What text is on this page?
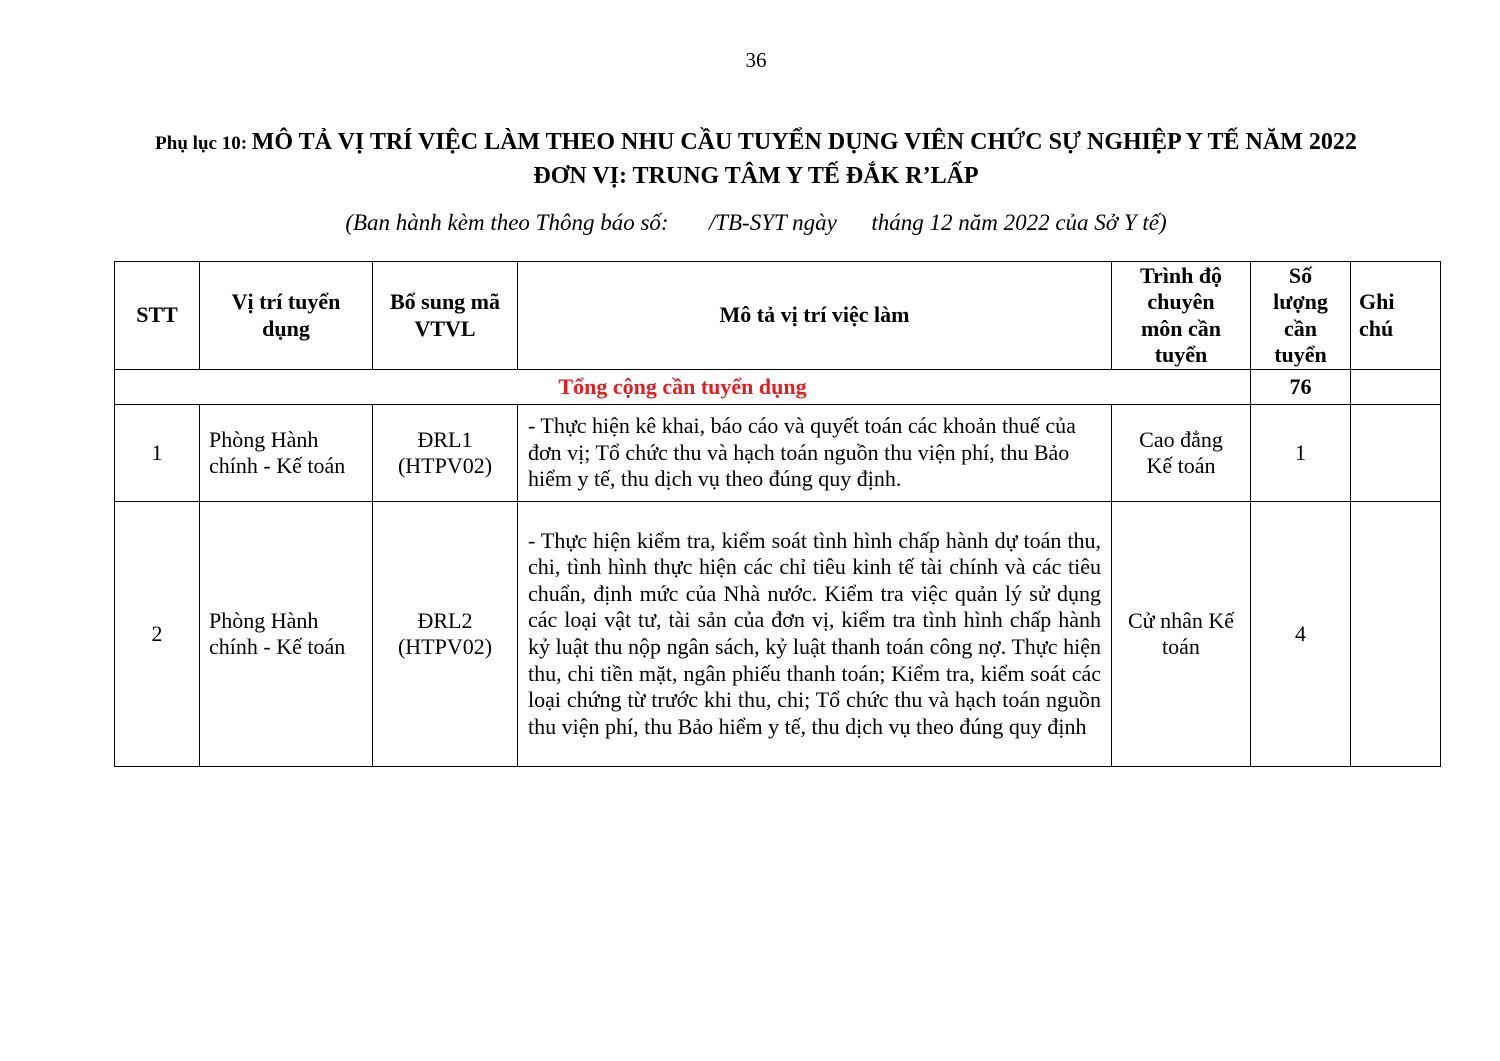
36
Phụ lục 10: MÔ TẢ VỊ TRÍ VIỆC LÀM THEO NHU CẦU TUYỂN DỤNG VIÊN CHỨC SỰ NGHIỆP Y TẾ NĂM 2022
ĐƠN VỊ: TRUNG TÂM Y TẾ ĐẮK R’LẤP
(Ban hành kèm theo Thông báo số:       /TB-SYT ngày      tháng 12 năm 2022 của Sở Y tế)
STT	Vị trí tuyển dụng	Bổ sung mã VTVL	Mô tả vị trí việc làm	Trình độ chuyên môn cần tuyển	Số lượng cần tuyển	Ghi chú
Tổng cộng cần tuyển dụng					76	
1	Phòng Hành chính - Kế toán	ĐRL1 (HTPV02)	- Thực hiện kê khai, báo cáo và quyết toán các khoản thuế của đơn vị; Tổ chức thu và hạch toán nguồn thu viện phí, thu Bảo hiểm y tế, thu dịch vụ theo đúng quy định.	Cao đẳng Kế toán	1	
2	Phòng Hành chính - Kế toán	ĐRL2 (HTPV02)	- Thực hiện kiểm tra, kiểm soát tình hình chấp hành dự toán thu, chi, tình hình thực hiện các chỉ tiêu kinh tế tài chính và các tiêu chuẩn, định mức của Nhà nước. Kiểm tra việc quản lý sử dụng các loại vật tư, tài sản của đơn vị, kiểm tra tình hình chấp hành kỷ luật thu nộp ngân sách, kỷ luật thanh toán công nợ. Thực hiện thu, chi tiền mặt, ngân phiếu thanh toán; Kiểm tra, kiểm soát các loại chứng từ trước khi thu, chi; Tổ chức thu và hạch toán nguồn thu viện phí, thu Bảo hiểm y tế, thu dịch vụ theo đúng quy định	Cử nhân Kế toán	4	
